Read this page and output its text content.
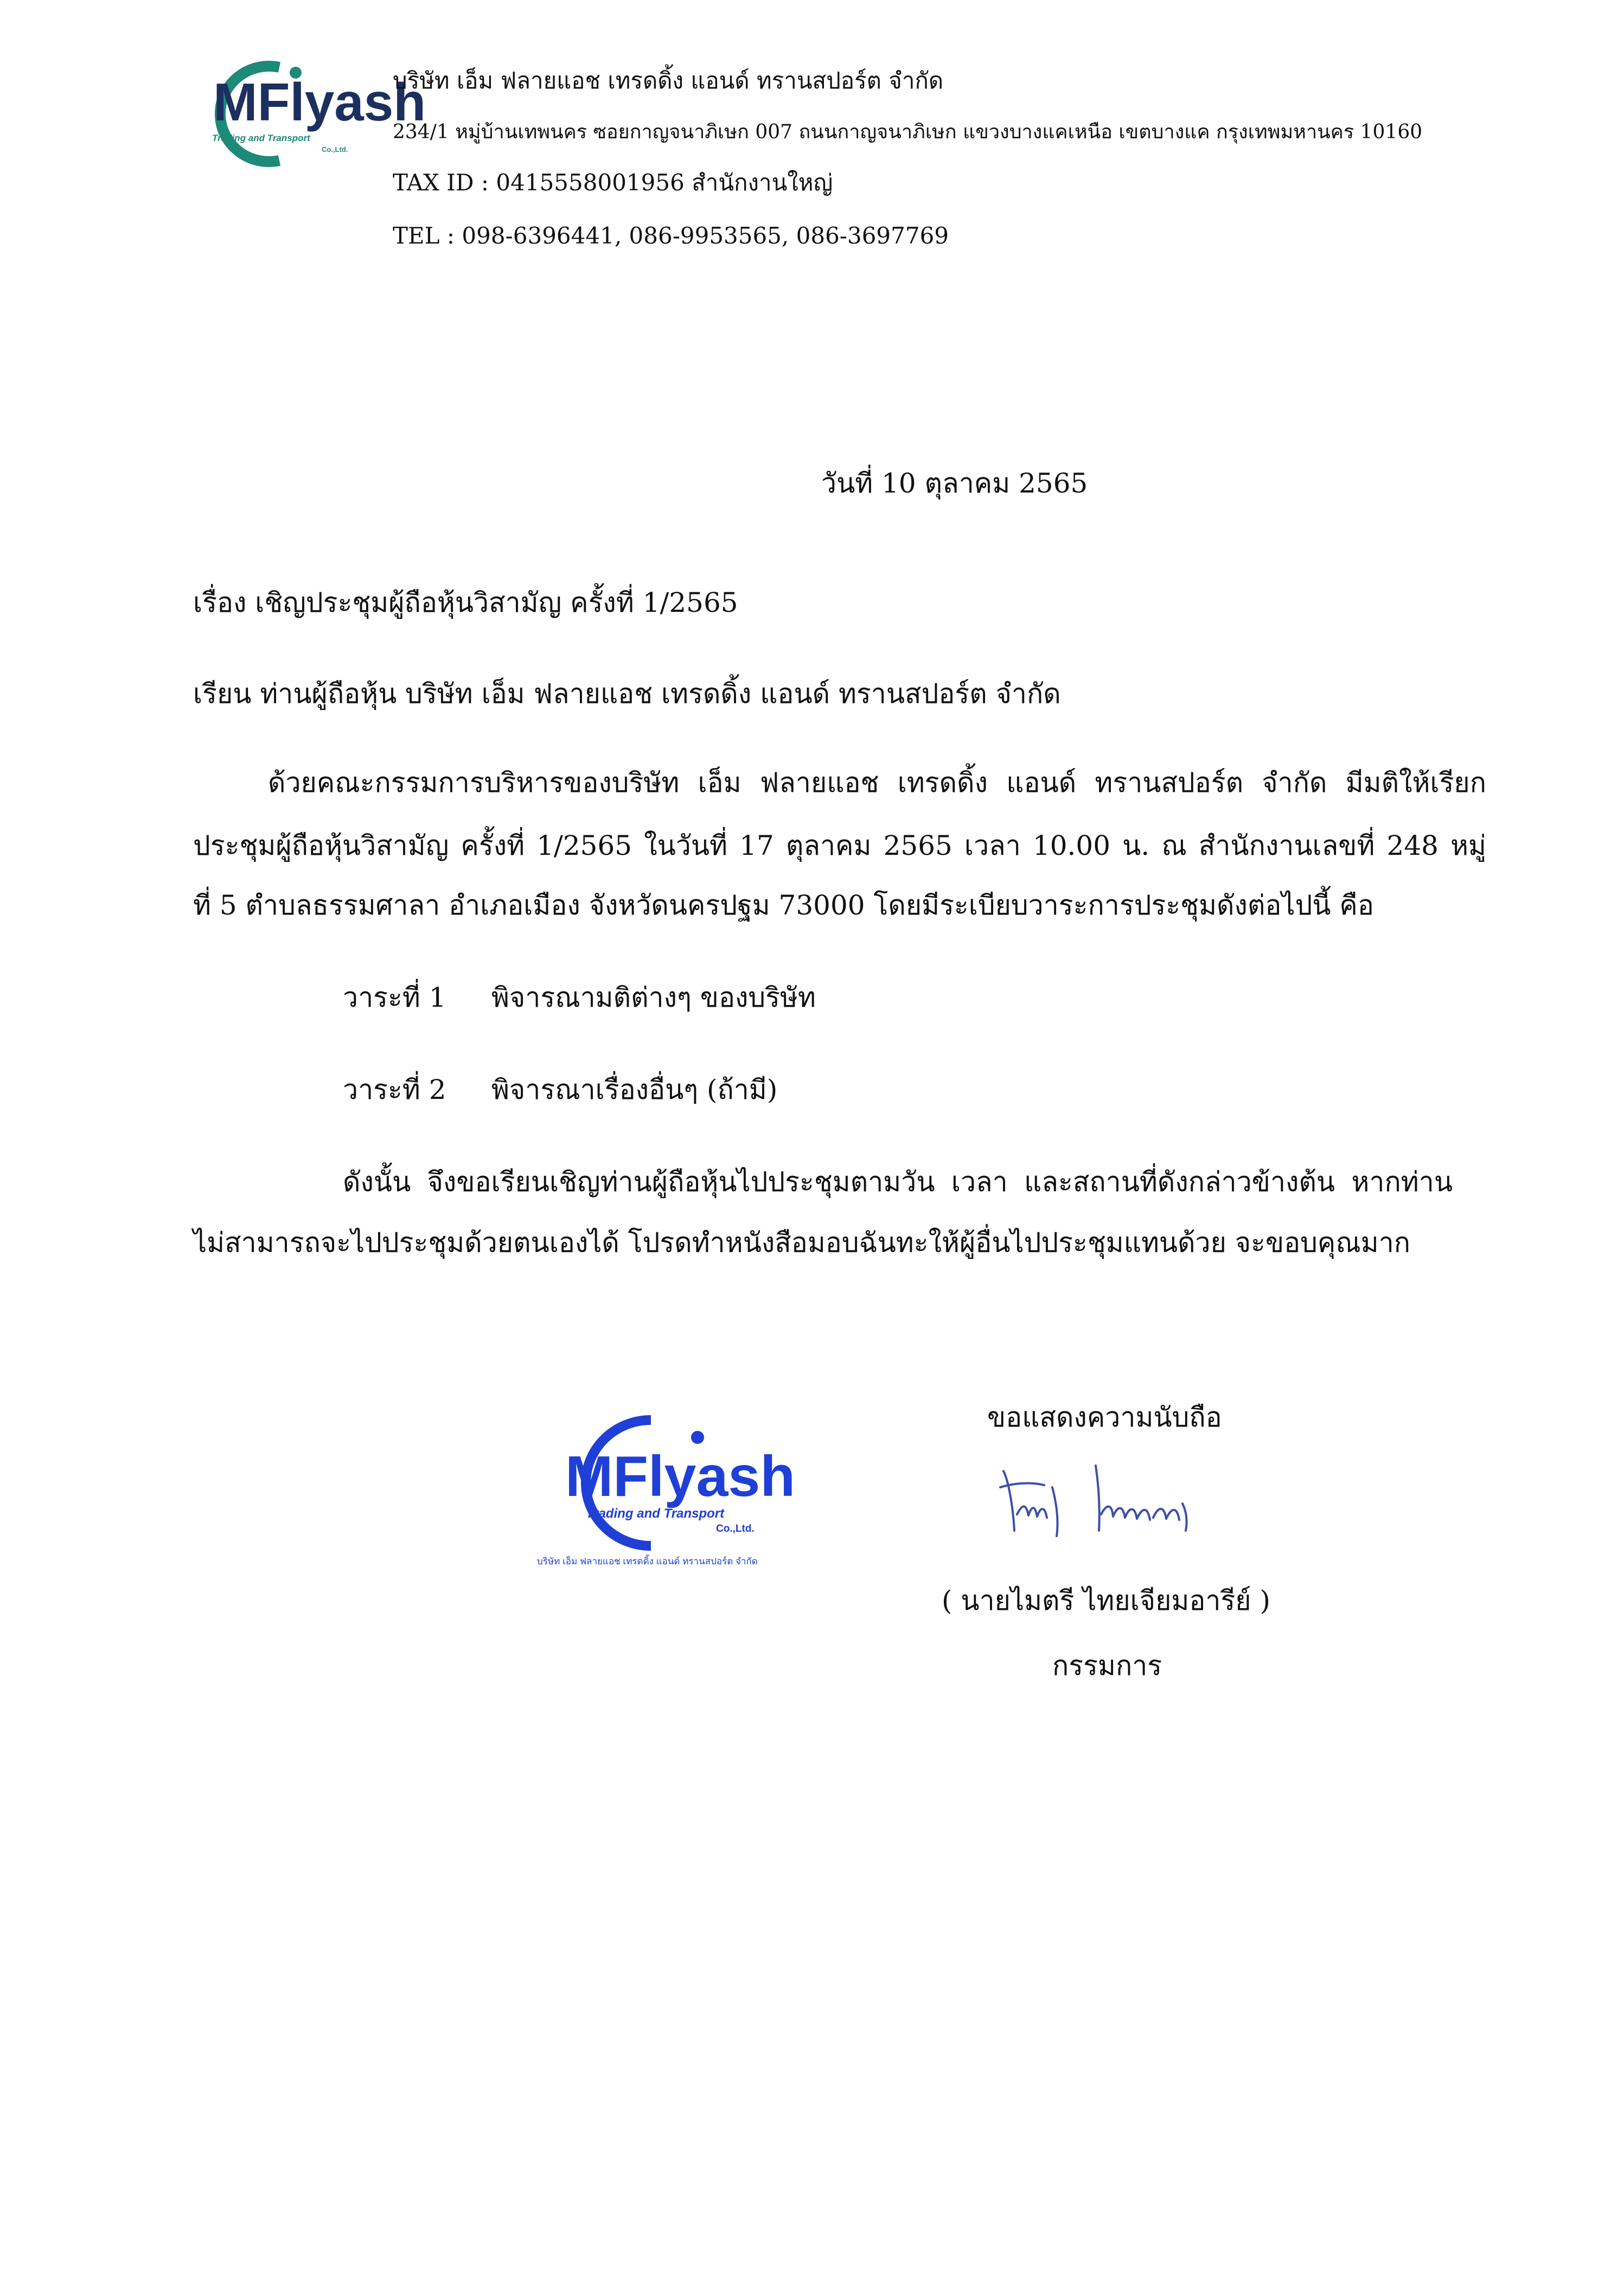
MFlyash
Trading and Transport
Co.,Ltd.
บริษัท เอ็ม ฟลายแอช เทรดดิ้ง แอนด์ ทรานสปอร์ต จำกัด
234/1 หมู่บ้านเทพนคร ซอยกาญจนาภิเษก 007 ถนนกาญจนาภิเษก แขวงบางแคเหนือ เขตบางแค กรุงเทพมหานคร 10160
TAX ID : 0415558001956 สำนักงานใหญ่
TEL : 098-6396441, 086-9953565, 086-3697769
วันที่ 10 ตุลาคม 2565
เรื่อง เชิญประชุมผู้ถือหุ้นวิสามัญ ครั้งที่ 1/2565
เรียน ท่านผู้ถือหุ้น บริษัท เอ็ม ฟลายแอช เทรดดิ้ง แอนด์ ทรานสปอร์ต จำกัด
ด้วยคณะกรรมการบริหารของบริษัท เอ็ม ฟลายแอช เทรดดิ้ง แอนด์ ทรานสปอร์ต จำกัด มีมติให้เรียก
ประชุมผู้ถือหุ้นวิสามัญ ครั้งที่ 1/2565 ในวันที่ 17 ตุลาคม 2565 เวลา 10.00 น. ณ สำนักงานเลขที่ 248 หมู่
ที่ 5 ตำบลธรรมศาลา อำเภอเมือง จังหวัดนครปฐม 73000 โดยมีระเบียบวาระการประชุมดังต่อไปนี้ คือ
วาระที่ 1 พิจารณามติต่างๆ ของบริษัท
วาระที่ 2 พิจารณาเรื่องอื่นๆ (ถ้ามี)
ดังนั้น จึงขอเรียนเชิญท่านผู้ถือหุ้นไปประชุมตามวัน เวลา และสถานที่ดังกล่าวข้างต้น หากท่าน
ไม่สามารถจะไปประชุมด้วยตนเองได้ โปรดทำหนังสือมอบฉันทะให้ผู้อื่นไปประชุมแทนด้วย จะขอบคุณมาก
MFlyash
Trading and Transport
Co.,Ltd.
บริษัท เอ็ม ฟลายแอช เทรดดิ้ง แอนด์ ทรานสปอร์ต จำกัด
ขอแสดงความนับถือ
( นายไมตรี ไทยเจียมอารีย์ )
กรรมการ
